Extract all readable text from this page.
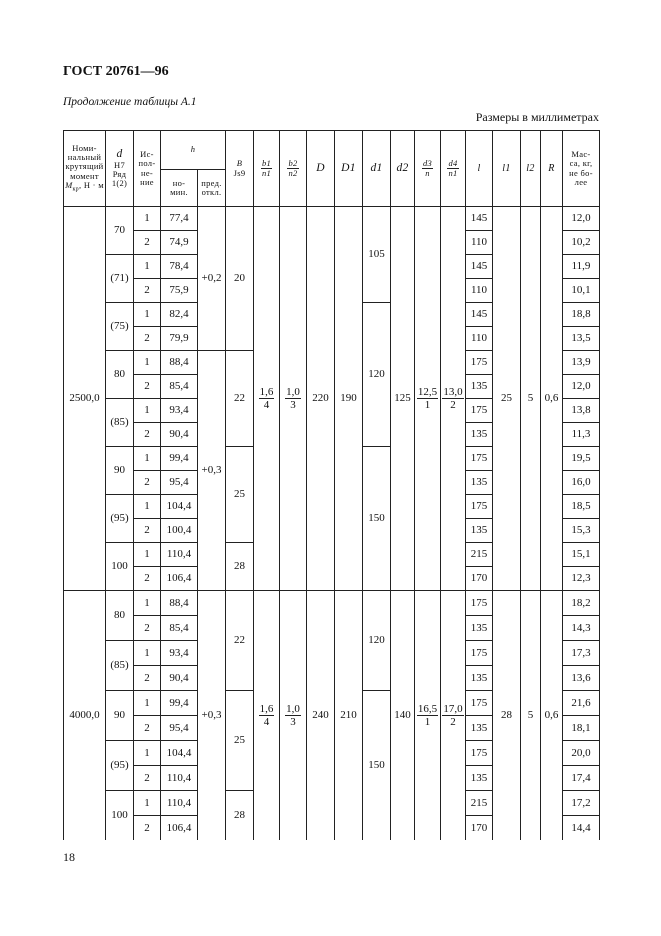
ГОСТ 20761—96
Продолжение таблицы А.1
Размеры в миллиметрах
Номи-
нальный
крутящий
момент
$M_{кр}$, Н · м	d
H7
Ряд
1(2)	Ис-
пол-
не-
ние	h		B
Js9	$\frac{b1}{n1}$	$\frac{b2}{n2}$	D	D1	d1	d2	$\frac{d3}{n}$	$\frac{d4}{n1}$	l	l1	l2	R	Мас-
са, кг,
не бо-
лее
			но-
мин.	пред.
откл.														
2500,0	70	1	77,4	+0,2	20	$\frac{1,6}{4}$	$\frac{1,0}{3}$	220	190	105	125	$\frac{12,5}{1}$	$\frac{13,0}{2}$	145	25	5	0,6	12,0
		2	74,9											110				10,2
	(71)	1	78,4											145				11,9
		2	75,9											110				10,1
	(75)	1	82,4							120				145				18,8
		2	79,9											110				13,5
	80	1	88,4	+0,3	22									175				13,9
		2	85,4											135				12,0
	(85)	1	93,4											175				13,8
		2	90,4											135				11,3
	90	1	99,4		25					150				175				19,5
		2	95,4											135				16,0
	(95)	1	104,4											175				18,5
		2	100,4											135				15,3
	100	1	110,4		28									215				15,1
		2	106,4											170				12,3
4000,0	80	1	88,4	+0,3	22	$\frac{1,6}{4}$	$\frac{1,0}{3}$	240	210	120	140	$\frac{16,5}{1}$	$\frac{17,0}{2}$	175	28	5	0,6	18,2
		2	85,4											135				14,3
	(85)	1	93,4											175				17,3
		2	90,4											135				13,6
	90	1	99,4		25					150				175				21,6
		2	95,4											135				18,1
	(95)	1	104,4											175				20,0
		2	110,4											135				17,4
	100	1	110,4		28									215				17,2
		2	106,4											170				14,4
18
